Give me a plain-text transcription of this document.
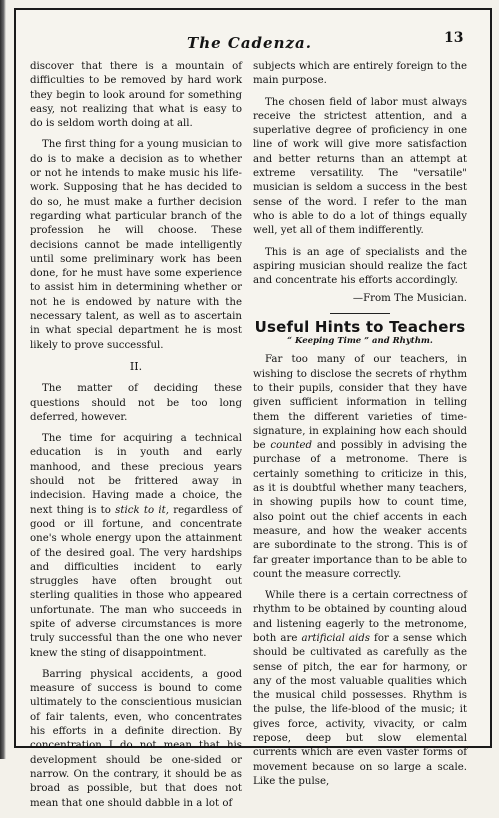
The Cadenza.	13

discover that there is a mountain of difficulties to be removed by hard work they begin to look around for something easy, not realizing that what is easy to do is seldom worth doing at all.

The first thing for a young musician to do is to make a decision as to whether or not he intends to make music his life-work. Supposing that he has decided to do so, he must make a further decision regarding what particular branch of the profession he will choose. These decisions cannot be made intelligently until some preliminary work has been done, for he must have some experience to assist him in determining whether or not he is endowed by nature with the necessary talent, as well as to ascertain in what special department he is most likely to prove successful.

II.

The matter of deciding these questions should not be too long deferred, however.

The time for acquiring a technical education is in youth and early manhood, and these precious years should not be frittered away in indecision. Having made a choice, the next thing is to stick to it, regardless of good or ill fortune, and concentrate one's whole energy upon the attainment of the desired goal. The very hardships and difficulties incident to early struggles have often brought out sterling qualities in those who appeared unfortunate. The man who succeeds in spite of adverse circumstances is more truly successful than the one who never knew the sting of disappointment.

Barring physical accidents, a good measure of success is bound to come ultimately to the conscientious musician of fair talents, even, who concentrates his efforts in a definite direction. By concentration I do not mean that his development should be one-sided or narrow. On the contrary, it should be as broad as possible, but that does not mean that one should dabble in a lot of

subjects which are entirely foreign to the main purpose.

The chosen field of labor must always receive the strictest attention, and a superlative degree of proficiency in one line of work will give more satisfaction and better returns than an attempt at extreme versatility. The "versatile" musician is seldom a success in the best sense of the word. I refer to the man who is able to do a lot of things equally well, yet all of them indifferently.

This is an age of specialists and the aspiring musician should realize the fact and concentrate his efforts accordingly.

—From The Musician.
Useful Hints to Teachers
“ Keeping Time ” and Rhythm.

Far too many of our teachers, in wishing to disclose the secrets of rhythm to their pupils, consider that they have given sufficient information in telling them the different varieties of time-signature, in explaining how each should be counted and possibly in advising the purchase of a metronome. There is certainly something to criticize in this, as it is doubtful whether many teachers, in showing pupils how to count time, also point out the chief accents in each measure, and how the weaker accents are subordinate to the strong. This is of far greater importance than to be able to count the measure correctly.

While there is a certain correctness of rhythm to be obtained by counting aloud and listening eagerly to the metronome, both are artificial aids for a sense which should be cultivated as carefully as the sense of pitch, the ear for harmony, or any of the most valuable qualities which the musical child possesses. Rhythm is the pulse, the life-blood of the music; it gives force, activity, vivacity, or calm repose, deep but slow elemental currents which are even vaster forms of movement because on so large a scale. Like the pulse,
